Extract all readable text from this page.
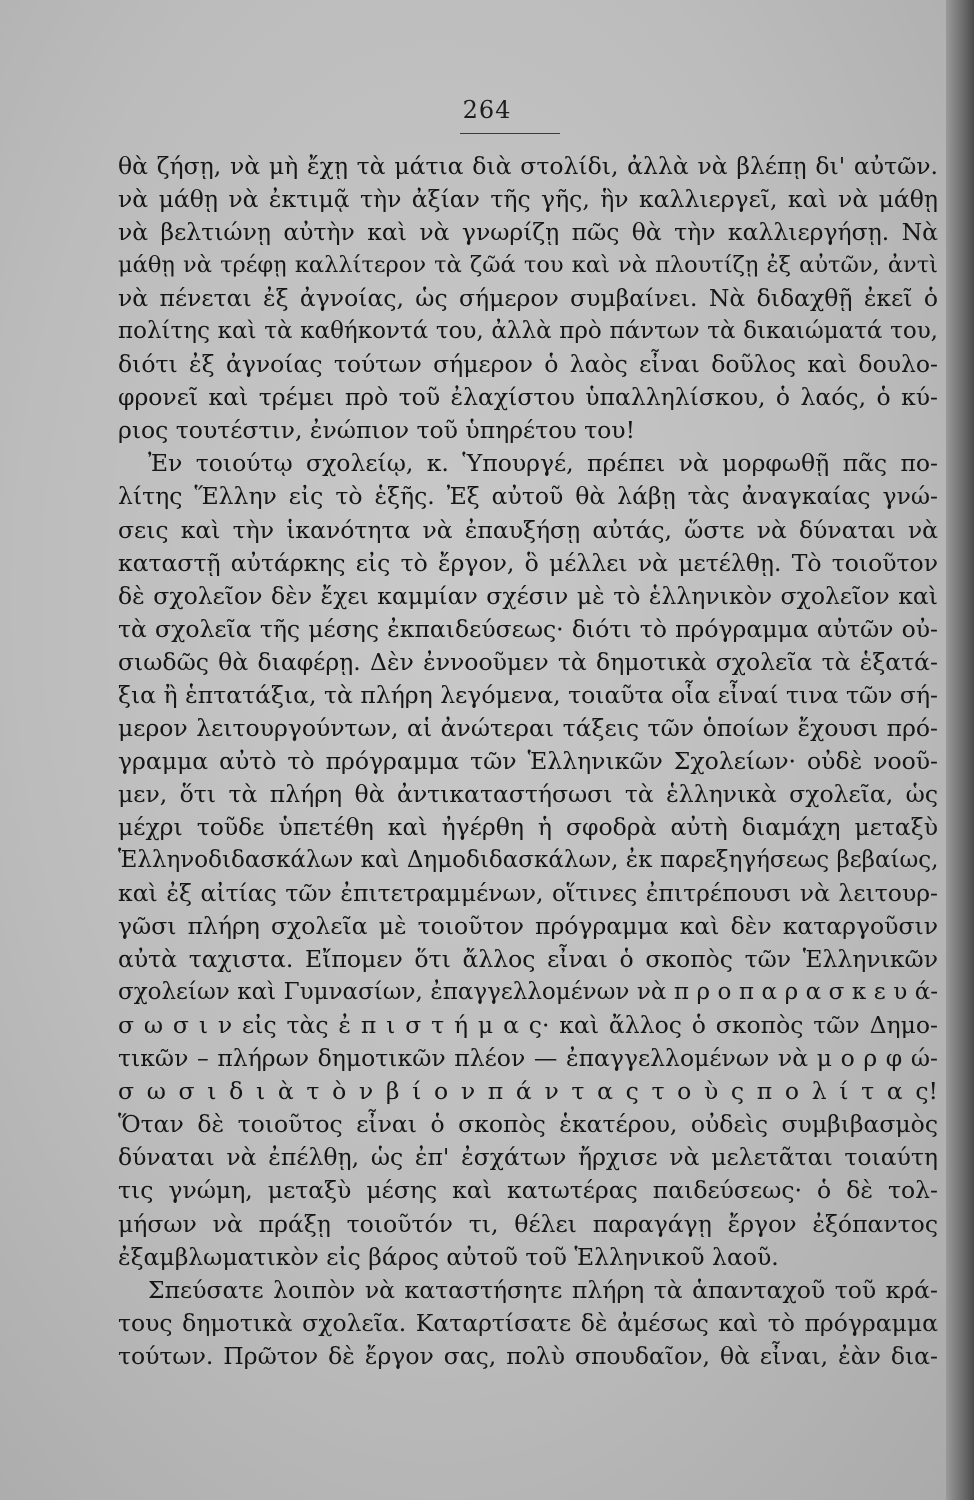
264
θὰ ζήσῃ, νὰ μὴ ἔχῃ τὰ μάτια διὰ στολίδι, ἀλλὰ νὰ βλέπῃ δι' αὐτῶν.
νὰ μάθῃ νὰ ἐκτιμᾷ τὴν ἀξίαν τῆς γῆς, ἣν καλλιεργεῖ, καὶ νὰ μάθῃ
νὰ βελτιώνῃ αὐτὴν καὶ νὰ γνωρίζῃ πῶς θὰ τὴν καλλιεργήσῃ. Νὰ
μάθῃ νὰ τρέφῃ καλλίτερον τὰ ζῶά του καὶ νὰ πλουτίζῃ ἐξ αὐτῶν, ἀντὶ
νὰ πένεται ἐξ ἀγνοίας, ὡς σήμερον συμβαίνει. Νὰ διδαχθῇ ἐκεῖ ὁ
πολίτης καὶ τὰ καθήκοντά του, ἀλλὰ πρὸ πάντων τὰ δικαιώματά του,
διότι ἐξ ἀγνοίας τούτων σήμερον ὁ λαὸς εἶναι δοῦλος καὶ δουλο-
φρονεῖ καὶ τρέμει πρὸ τοῦ ἐλαχίστου ὑπαλληλίσκου, ὁ λαός, ὁ κύ-
ριος τουτέστιν, ἐνώπιον τοῦ ὑπηρέτου του!
Ἐν τοιούτῳ σχολείῳ, κ. Ὑπουργέ, πρέπει νὰ μορφωθῇ πᾶς πο-
λίτης Ἕλλην εἰς τὸ ἑξῆς. Ἐξ αὐτοῦ θὰ λάβῃ τὰς ἀναγκαίας γνώ-
σεις καὶ τὴν ἱκανότητα νὰ ἐπαυξήσῃ αὐτάς, ὥστε νὰ δύναται νὰ
καταστῇ αὐτάρκης εἰς τὸ ἔργον, ὃ μέλλει νὰ μετέλθῃ. Τὸ τοιοῦτον
δὲ σχολεῖον δὲν ἔχει καμμίαν σχέσιν μὲ τὸ ἑλληνικὸν σχολεῖον καὶ
τὰ σχολεῖα τῆς μέσης ἐκπαιδεύσεως· διότι τὸ πρόγραμμα αὐτῶν οὐ-
σιωδῶς θὰ διαφέρῃ. Δὲν ἐννοοῦμεν τὰ δημοτικὰ σχολεῖα τὰ ἑξατά-
ξια ἢ ἑπτατάξια, τὰ πλήρη λεγόμενα, τοιαῦτα οἷα εἶναί τινα τῶν σή-
μερον λειτουργούντων, αἱ ἀνώτεραι τάξεις τῶν ὁποίων ἔχουσι πρό-
γραμμα αὐτὸ τὸ πρόγραμμα τῶν Ἑλληνικῶν Σχολείων· οὐδὲ νοοῦ-
μεν, ὅτι τὰ πλήρη θὰ ἀντικαταστήσωσι τὰ ἑλληνικὰ σχολεῖα, ὡς
μέχρι τοῦδε ὑπετέθη καὶ ἠγέρθη ἡ σφοδρὰ αὐτὴ διαμάχη μεταξὺ
Ἑλληνοδιδασκάλων καὶ Δημοδιδασκάλων, ἐκ παρεξηγήσεως βεβαίως,
καὶ ἐξ αἰτίας τῶν ἐπιτετραμμένων, οἵτινες ἐπιτρέπουσι νὰ λειτουρ-
γῶσι πλήρη σχολεῖα μὲ τοιοῦτον πρόγραμμα καὶ δὲν καταργοῦσιν
αὐτὰ ταχιστα. Εἴπομεν ὅτι ἄλλος εἶναι ὁ σκοπὸς τῶν Ἑλληνικῶν
σχολείων καὶ Γυμνασίων, ἐπαγγελλομένων νὰ π ρ ο π α ρ α σ κ ε υ ά-
σ ω σ ι ν εἰς τὰς ἐ π ι σ τ ή μ α ς· καὶ ἄλλος ὁ σκοπὸς τῶν Δημο-
τικῶν – πλήρων δημοτικῶν πλέον — ἐπαγγελλομένων νὰ μ ο ρ φ ώ-
σ ω σ ι δ ι ὰ τ ὸ ν β ί ο ν π ά ν τ α ς τ ο ὺ ς π ο λ ί τ α ς!
Ὅταν δὲ τοιοῦτος εἶναι ὁ σκοπὸς ἑκατέρου, οὐδεὶς συμβιβασμὸς
δύναται νὰ ἐπέλθῃ, ὡς ἐπ' ἐσχάτων ἤρχισε νὰ μελετᾶται τοιαύτη
τις γνώμη, μεταξὺ μέσης καὶ κατωτέρας παιδεύσεως· ὁ δὲ τολ-
μήσων νὰ πράξῃ τοιοῦτόν τι, θέλει παραγάγῃ ἔργον ἐξόπαντος
ἐξαμβλωματικὸν εἰς βάρος αὐτοῦ τοῦ Ἑλληνικοῦ λαοῦ.
Σπεύσατε λοιπὸν νὰ καταστήσητε πλήρη τὰ ἁπανταχοῦ τοῦ κρά-
τους δημοτικὰ σχολεῖα. Καταρτίσατε δὲ ἀμέσως καὶ τὸ πρόγραμμα
τούτων. Πρῶτον δὲ ἔργον σας, πολὺ σπουδαῖον, θὰ εἶναι, ἐὰν δια-
